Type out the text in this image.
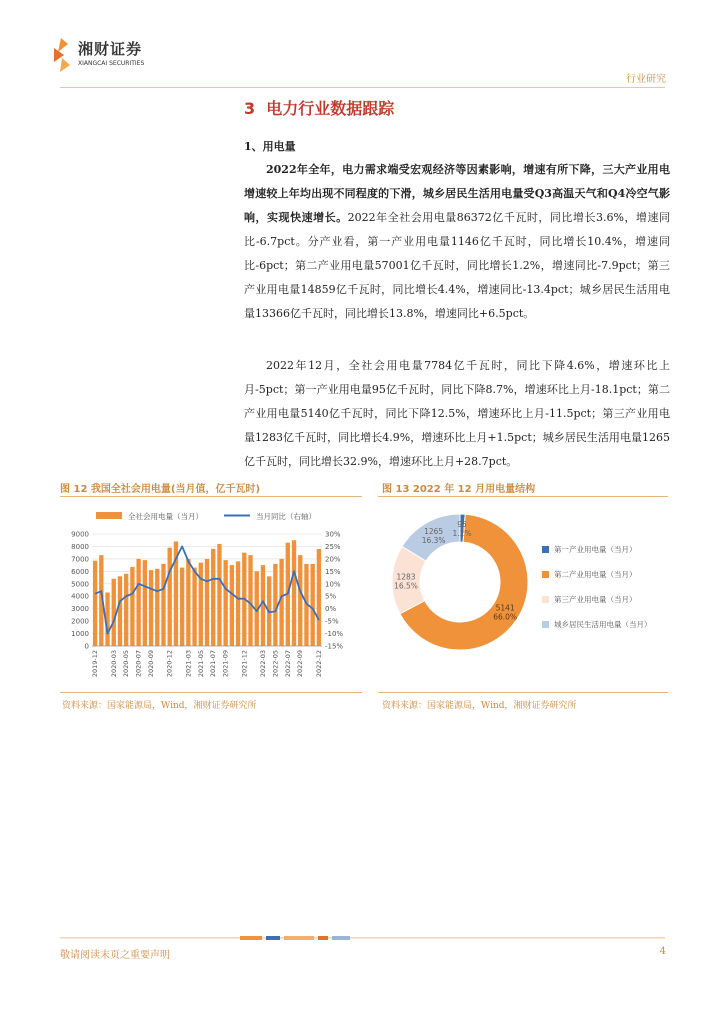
湘财证券
XIANGCAI SECURITIES
行业研究
3 电力行业数据跟踪
1、用电量
2022年全年，电力需求端受宏观经济等因素影响，增速有所下降，三大产业用电增速较上年均出现不同程度的下滑，城乡居民生活用电量受Q3高温天气和Q4冷空气影响，实现快速增长。2022年全社会用电量86372亿千瓦时，同比增长3.6%，增速同比-6.7pct。分产业看，第一产业用电量1146亿千瓦时，同比增长10.4%，增速同比-6pct；第二产业用电量57001亿千瓦时，同比增长1.2%，增速同比-7.9pct；第三产业用电量14859亿千瓦时，同比增长4.4%，增速同比-13.4pct；城乡居民生活用电量13366亿千瓦时，同比增长13.8%，增速同比+6.5pct。
2022年12月，全社会用电量7784亿千瓦时，同比下降4.6%，增速环比上月-5pct；第一产业用电量95亿千瓦时，同比下降8.7%，增速环比上月-18.1pct；第二产业用电量5140亿千瓦时，同比下降12.5%，增速环比上月-11.5pct；第三产业用电量1283亿千瓦时，同比增长4.9%，增速环比上月+1.5pct；城乡居民生活用电量1265亿千瓦时，同比增长32.9%，增速环比上月+28.7pct。
图 12 我国全社会用电量(当月值，亿千瓦时)	图 13 2022 年 12 月用电量结构
全社会用电量（当月）	当月同比（右轴）
0
1000
2000
3000
4000
5000
6000
7000
8000
9000
-15%
-10%
-5%
0%
5%
10%
15%
20%
25%
30%
2019-12 2020-03 2020-05 2020-07 2020-09 2020-12 2021-03 2021-05 2021-07 2021-09 2021-12 2022-03 2022-05 2022-07 2022-09 2022-12
95
1.2%
5141
66.0%
1283
16.5%
1265
16.3%
第一产业用电量（当月）
第二产业用电量（当月）
第三产业用电量（当月）
城乡居民生活用电量（当月）
资料来源：国家能源局，Wind，湘财证券研究所	资料来源：国家能源局，Wind，湘财证券研究所
敬请阅读末页之重要声明	4
